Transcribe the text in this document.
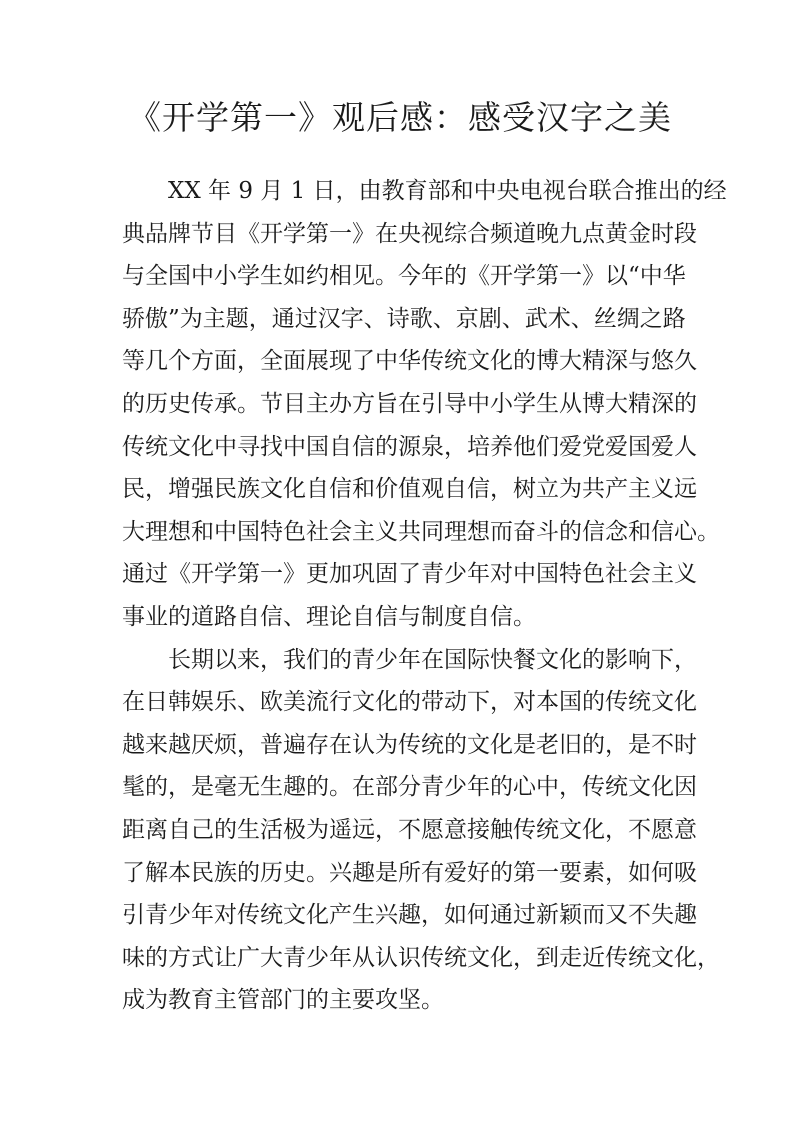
《开学第一》观后感：感受汉字之美

XX 年 9 月 1 日，由教育部和中央电视台联合推出的经
典品牌节目《开学第一》在央视综合频道晚九点黄金时段
与全国中小学生如约相见。今年的《开学第一》以“中华
骄傲”为主题，通过汉字、诗歌、京剧、武术、丝绸之路
等几个方面，全面展现了中华传统文化的博大精深与悠久
的历史传承。节目主办方旨在引导中小学生从博大精深的
传统文化中寻找中国自信的源泉，培养他们爱党爱国爱人
民，增强民族文化自信和价值观自信，树立为共产主义远
大理想和中国特色社会主义共同理想而奋斗的信念和信心。
通过《开学第一》更加巩固了青少年对中国特色社会主义
事业的道路自信、理论自信与制度自信。

长期以来，我们的青少年在国际快餐文化的影响下，
在日韩娱乐、欧美流行文化的带动下，对本国的传统文化
越来越厌烦，普遍存在认为传统的文化是老旧的，是不时
髦的，是毫无生趣的。在部分青少年的心中，传统文化因
距离自己的生活极为遥远，不愿意接触传统文化，不愿意
了解本民族的历史。兴趣是所有爱好的第一要素，如何吸
引青少年对传统文化产生兴趣，如何通过新颖而又不失趣
味的方式让广大青少年从认识传统文化，到走近传统文化，
成为教育主管部门的主要攻坚。
